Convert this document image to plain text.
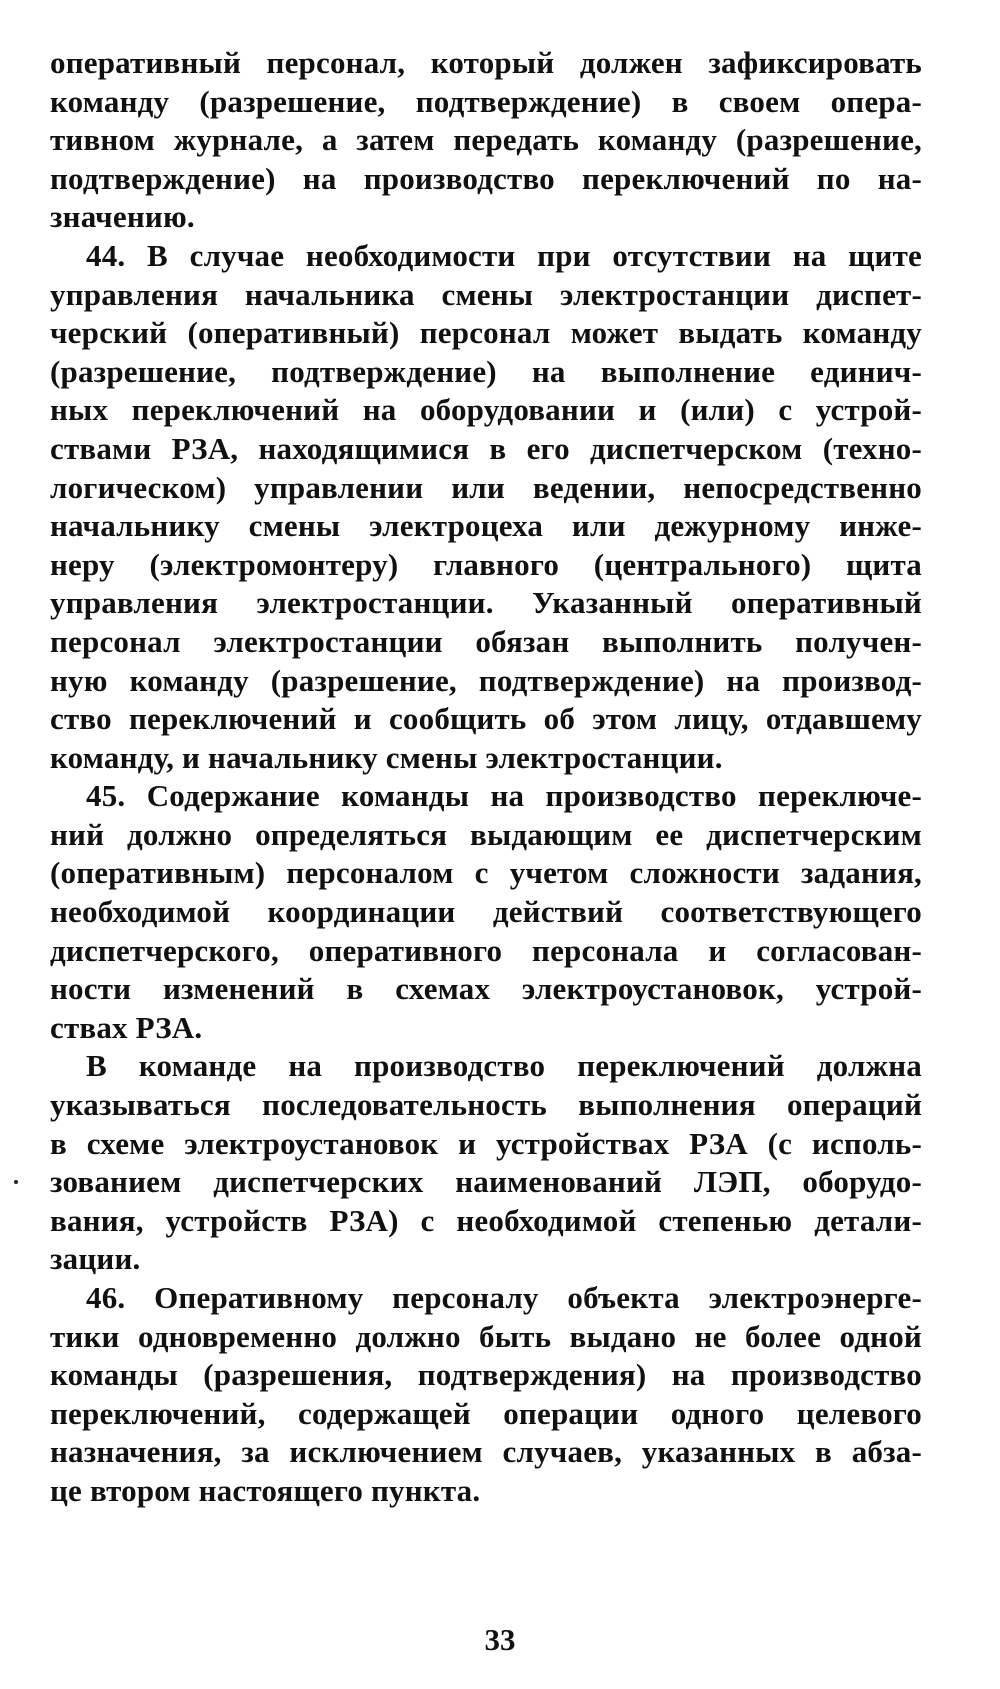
оперативный персонал, который должен зафиксировать
команду (разрешение, подтверждение) в своем опера-
тивном журнале, а затем передать команду (разрешение,
подтверждение) на производство переключений по на-
значению.
44. В случае необходимости при отсутствии на щите
управления начальника смены электростанции диспет-
черский (оперативный) персонал может выдать команду
(разрешение, подтверждение) на выполнение единич-
ных переключений на оборудовании и (или) с устрой-
ствами РЗА, находящимися в его диспетчерском (техно-
логическом) управлении или ведении, непосредственно
начальнику смены электроцеха или дежурному инже-
неру (электромонтеру) главного (центрального) щита
управления электростанции. Указанный оперативный
персонал электростанции обязан выполнить получен-
ную команду (разрешение, подтверждение) на производ-
ство переключений и сообщить об этом лицу, отдавшему
команду, и начальнику смены электростанции.
45. Содержание команды на производство переключе-
ний должно определяться выдающим ее диспетчерским
(оперативным) персоналом с учетом сложности задания,
необходимой координации действий соответствующего
диспетчерского, оперативного персонала и согласован-
ности изменений в схемах электроустановок, устрой-
ствах РЗА.
В команде на производство переключений должна
указываться последовательность выполнения операций
в схеме электроустановок и устройствах РЗА (с исполь-
зованием диспетчерских наименований ЛЭП, оборудо-
вания, устройств РЗА) с необходимой степенью детали-
зации.
46. Оперативному персоналу объекта электроэнерге-
тики одновременно должно быть выдано не более одной
команды (разрешения, подтверждения) на производство
переключений, содержащей операции одного целевого
назначения, за исключением случаев, указанных в абза-
це втором настоящего пункта.
33
